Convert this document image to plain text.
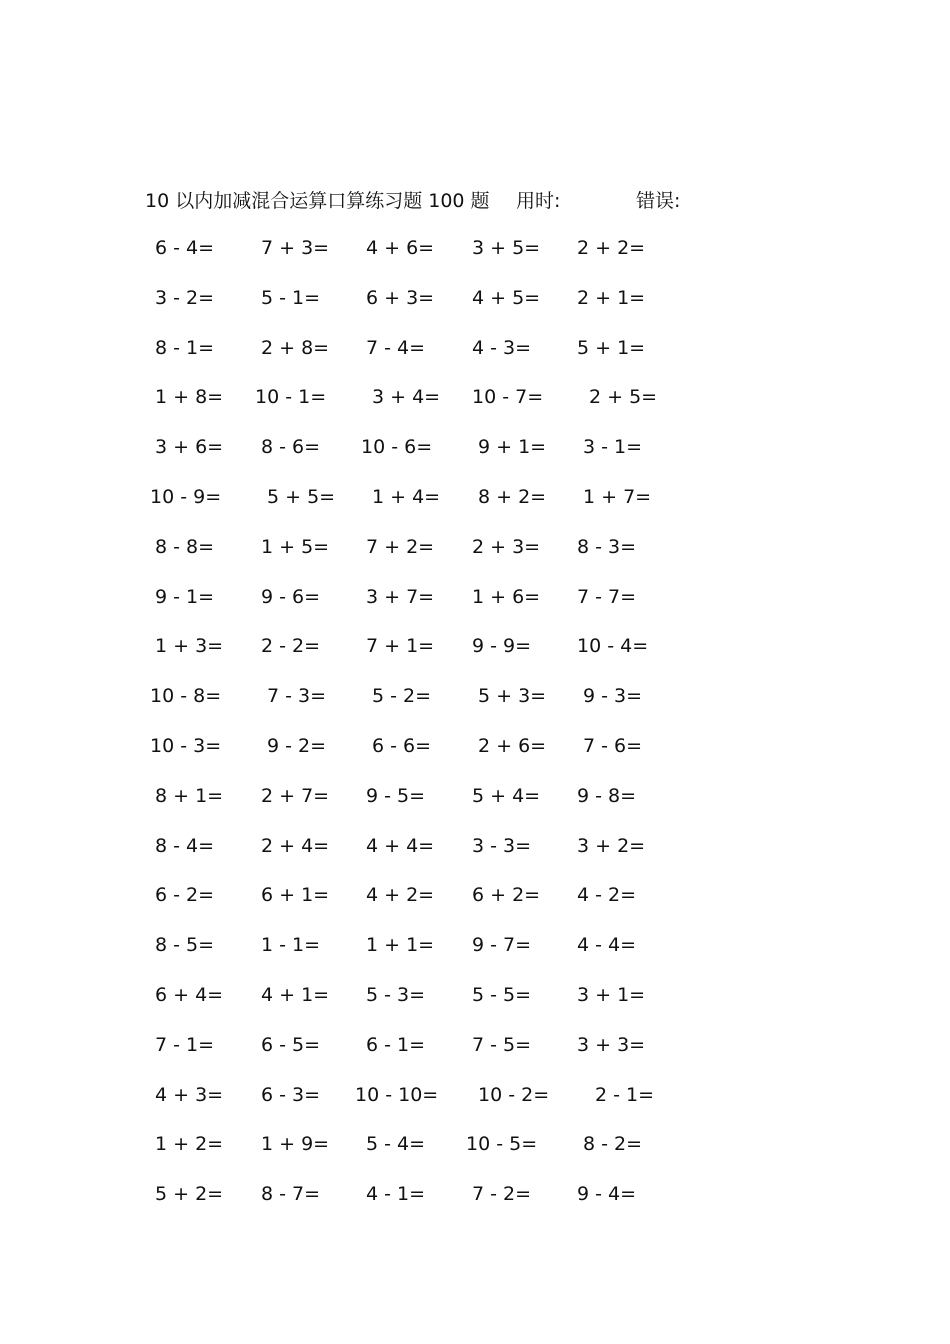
10 以内加减混合运算口算练习题 100 题 用时:	错误:
6 - 4= 7 + 3= 4 + 6= 3 + 5= 2 + 2=
3 - 2= 5 - 1= 6 + 3= 4 + 5= 2 + 1=
8 - 1= 2 + 8= 7 - 4= 4 - 3= 5 + 1=
1 + 8= 10 - 1= 3 + 4= 10 - 7= 2 + 5=
3 + 6= 8 - 6= 10 - 6= 9 + 1= 3 - 1=
10 - 9= 5 + 5= 1 + 4= 8 + 2= 1 + 7=
8 - 8= 1 + 5= 7 + 2= 2 + 3= 8 - 3=
9 - 1= 9 - 6= 3 + 7= 1 + 6= 7 - 7=
1 + 3= 2 - 2= 7 + 1= 9 - 9= 10 - 4=
10 - 8= 7 - 3= 5 - 2= 5 + 3= 9 - 3=
10 - 3= 9 - 2= 6 - 6= 2 + 6= 7 - 6=
8 + 1= 2 + 7= 9 - 5= 5 + 4= 9 - 8=
8 - 4= 2 + 4= 4 + 4= 3 - 3= 3 + 2=
6 - 2= 6 + 1= 4 + 2= 6 + 2= 4 - 2=
8 - 5= 1 - 1= 1 + 1= 9 - 7= 4 - 4=
6 + 4= 4 + 1= 5 - 3= 5 - 5= 3 + 1=
7 - 1= 6 - 5= 6 - 1= 7 - 5= 3 + 3=
4 + 3= 6 - 3= 10 - 10= 10 - 2= 2 - 1=
1 + 2= 1 + 9= 5 - 4= 10 - 5= 8 - 2=
5 + 2= 8 - 7= 4 - 1= 7 - 2= 9 - 4=
